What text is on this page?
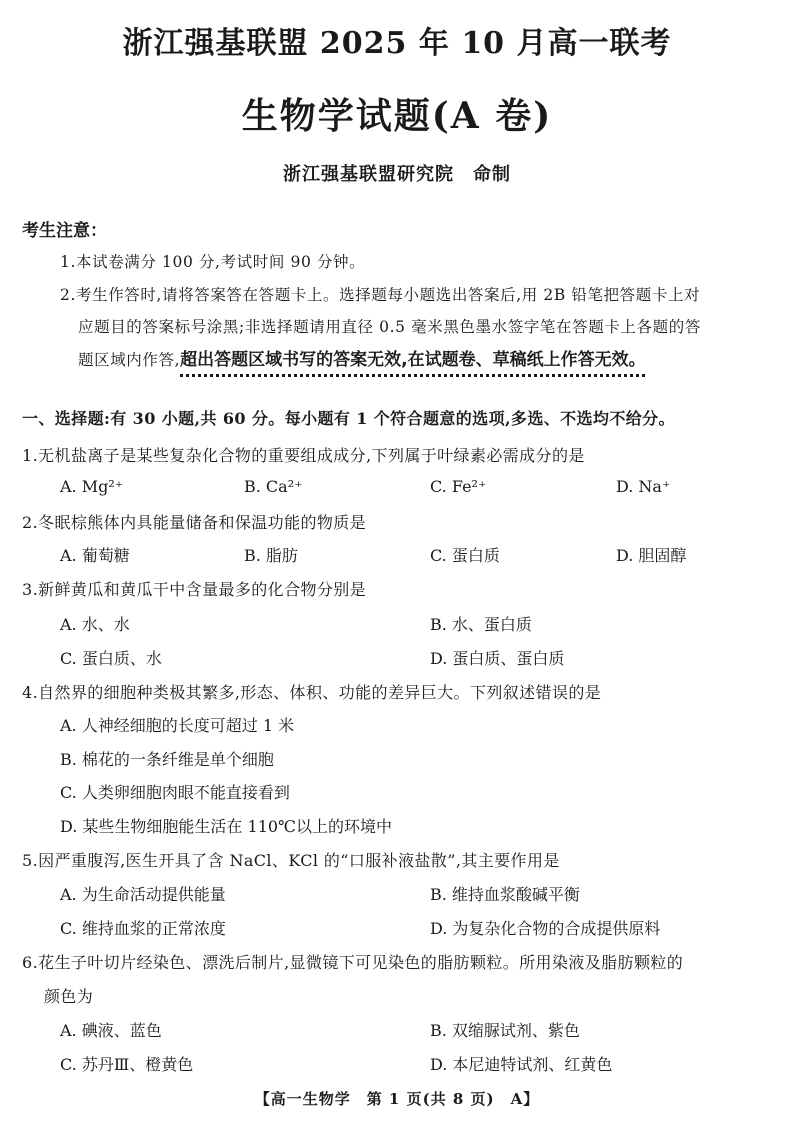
浙江强基联盟 2025 年 10 月高一联考
生物学试题(A 卷)
浙江强基联盟研究院　命制
考生注意：
1.本试卷满分 100 分,考试时间 90 分钟。
2.考生作答时,请将答案答在答题卡上。选择题每小题选出答案后,用 2B 铅笔把答题卡上对
应题目的答案标号涂黑;非选择题请用直径 0.5 毫米黑色墨水签字笔在答题卡上各题的答
题区域内作答,超出答题区域书写的答案无效,在试题卷、草稿纸上作答无效。
一、选择题:有 30 小题,共 60 分。每小题有 1 个符合题意的选项,多选、不选均不给分。
1.无机盐离子是某些复杂化合物的重要组成成分,下列属于叶绿素必需成分的是
A. Mg²⁺	B. Ca²⁺	C. Fe²⁺	D. Na⁺
2.冬眠棕熊体内具能量储备和保温功能的物质是
A. 葡萄糖	B. 脂肪	C. 蛋白质	D. 胆固醇
3.新鲜黄瓜和黄瓜干中含量最多的化合物分别是
A. 水、水	B. 水、蛋白质
C. 蛋白质、水	D. 蛋白质、蛋白质
4.自然界的细胞种类极其繁多,形态、体积、功能的差异巨大。下列叙述错误的是
A. 人神经细胞的长度可超过 1 米
B. 棉花的一条纤维是单个细胞
C. 人类卵细胞肉眼不能直接看到
D. 某些生物细胞能生活在 110℃以上的环境中
5.因严重腹泻,医生开具了含 NaCl、KCl 的“口服补液盐散”,其主要作用是
A. 为生命活动提供能量	B. 维持血浆酸碱平衡
C. 维持血浆的正常浓度	D. 为复杂化合物的合成提供原料
6.花生子叶切片经染色、漂洗后制片,显微镜下可见染色的脂肪颗粒。所用染液及脂肪颗粒的
颜色为
A. 碘液、蓝色	B. 双缩脲试剂、紫色
C. 苏丹Ⅲ、橙黄色	D. 本尼迪特试剂、红黄色
【高一生物学　第 1 页(共 8 页)　A】
